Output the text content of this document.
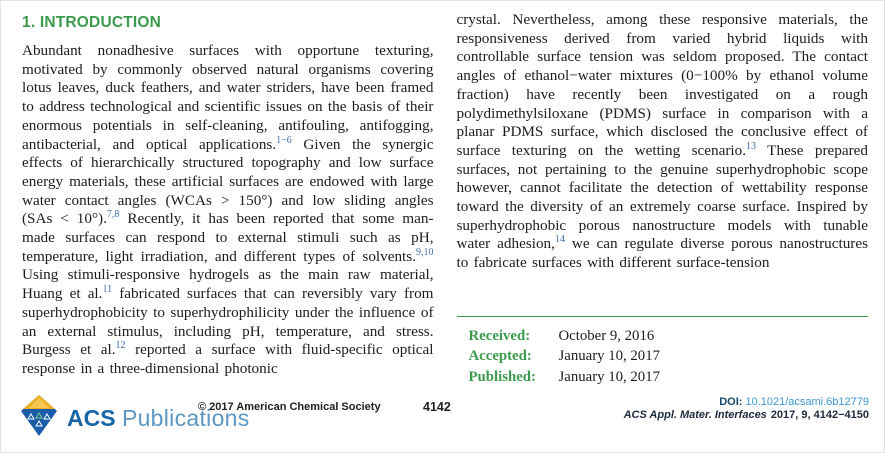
1. INTRODUCTION

Abundant nonadhesive surfaces with opportune texturing, motivated by commonly observed natural organisms covering lotus leaves, duck feathers, and water striders, have been framed to address technological and scientific issues on the basis of their enormous potentials in self-cleaning, antifouling, antifogging, antibacterial, and optical applications.$^{1-6}$ Given the synergic effects of hierarchically structured topography and low surface energy materials, these artificial surfaces are endowed with large water contact angles (WCAs > 150°) and low sliding angles (SAs < 10°).$^{7,8}$ Recently, it has been reported that some man-made surfaces can respond to external stimuli such as pH, temperature, light irradiation, and different types of solvents.$^{9,10}$ Using stimuli-responsive hydrogels as the main raw material, Huang et al.$^{11}$ fabricated surfaces that can reversibly vary from superhydrophobicity to superhydrophilicity under the influence of an external stimulus, including pH, temperature, and stress. Burgess et al.$^{12}$ reported a surface with fluid-specific optical response in a three-dimensional photonic

crystal. Nevertheless, among these responsive materials, the responsiveness derived from varied hybrid liquids with controllable surface tension was seldom proposed. The contact angles of ethanol−water mixtures (0−100% by ethanol volume fraction) have recently been investigated on a rough polydimethylsiloxane (PDMS) surface in comparison with a planar PDMS surface, which disclosed the conclusive effect of surface texturing on the wetting scenario.$^{13}$ These prepared surfaces, not pertaining to the genuine superhydrophobic scope however, cannot facilitate the detection of wettability response toward the diversity of an extremely coarse surface. Inspired by superhydrophobic porous nanostructure models with tunable water adhesion,$^{14}$ we can regulate diverse porous nanostructures to fabricate surfaces with different surface-tension

Received:	October 9, 2016
Accepted:	January 10, 2017
Published:	January 10, 2017
ACS Publications
© 2017 American Chemical Society	4142	DOI: 10.1021/acsami.6b12779
ACS Appl. Mater. Interfaces 2017, 9, 4142−4150
